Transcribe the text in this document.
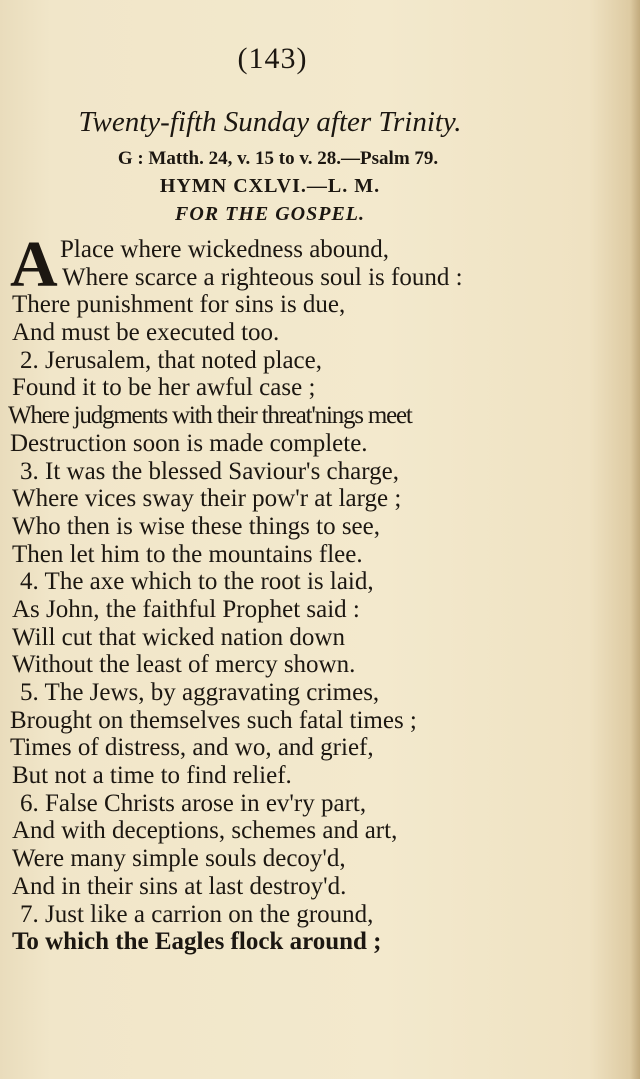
(143)
Twenty-fifth Sunday after Trinity.
G : Matth. 24, v. 15 to v. 28.—Psalm 79.
HYMN CXLVI.—L. M.
FOR THE GOSPEL.
A Place where wickedness abound,
Where scarce a righteous soul is found :
There punishment for sins is due,
And must be executed too.
2. Jerusalem, that noted place,
Found it to be her awful case ;
Where judgments with their threat'nings meet
Destruction soon is made complete.
3. It was the blessed Saviour's charge,
Where vices sway their pow'r at large ;
Who then is wise these things to see,
Then let him to the mountains flee.
4. The axe which to the root is laid,
As John, the faithful Prophet said :
Will cut that wicked nation down
Without the least of mercy shown.
5. The Jews, by aggravating crimes,
Brought on themselves such fatal times ;
Times of distress, and wo, and grief,
But not a time to find relief.
6. False Christs arose in ev'ry part,
And with deceptions, schemes and art,
Were many simple souls decoy'd,
And in their sins at last destroy'd.
7. Just like a carrion on the ground,
To which the Eagles flock around ;
